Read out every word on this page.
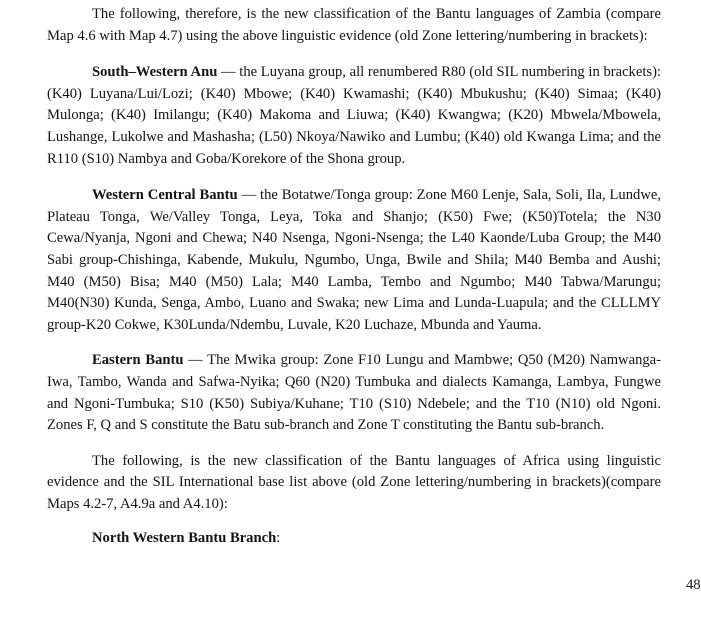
The following, therefore, is the new classification of the Bantu languages of Zambia (compare Map 4.6 with Map 4.7) using the above linguistic evidence (old Zone lettering/numbering in brackets):

South–Western Anu — the Luyana group, all renumbered R80 (old SIL numbering in brackets): (K40) Luyana/Lui/Lozi; (K40) Mbowe; (K40) Kwamashi; (K40) Mbukushu; (K40) Simaa; (K40) Mulonga; (K40) Imilangu; (K40) Makoma and Liuwa; (K40) Kwangwa; (K20) Mbwela/Mbowela, Lushange, Lukolwe and Mashasha; (L50) Nkoya/Nawiko and Lumbu; (K40) old Kwanga Lima; and the R110 (S10) Nambya and Goba/Korekore of the Shona group.

Western Central Bantu — the Botatwe/Tonga group: Zone M60 Lenje, Sala, Soli, Ila, Lundwe, Plateau Tonga, We/Valley Tonga, Leya, Toka and Shanjo; (K50) Fwe; (K50)Totela; the N30 Cewa/Nyanja, Ngoni and Chewa; N40 Nsenga, Ngoni-Nsenga; the L40 Kaonde/Luba Group; the M40 Sabi group-Chishinga, Kabende, Mukulu, Ngumbo, Unga, Bwile and Shila; M40 Bemba and Aushi; M40 (M50) Bisa; M40 (M50) Lala; M40 Lamba, Tembo and Ngumbo; M40 Tabwa/Marungu; M40(N30) Kunda, Senga, Ambo, Luano and Swaka; new Lima and Lunda-Luapula; and the CLLLMY group-K20 Cokwe, K30Lunda/Ndembu, Luvale, K20 Luchaze, Mbunda and Yauma.

Eastern Bantu — The Mwika group: Zone F10 Lungu and Mambwe; Q50 (M20) Namwanga-Iwa, Tambo, Wanda and Safwa-Nyika; Q60 (N20) Tumbuka and dialects Kamanga, Lambya, Fungwe and Ngoni-Tumbuka; S10 (K50) Subiya/Kuhane; T10 (S10) Ndebele; and the T10 (N10) old Ngoni. Zones F, Q and S constitute the Batu sub-branch and Zone T constituting the Bantu sub-branch.

The following, is the new classification of the Bantu languages of Africa using linguistic evidence and the SIL International base list above (old Zone lettering/numbering in brackets)(compare Maps 4.2-7, A4.9a and A4.10):

North Western Bantu Branch:

48
